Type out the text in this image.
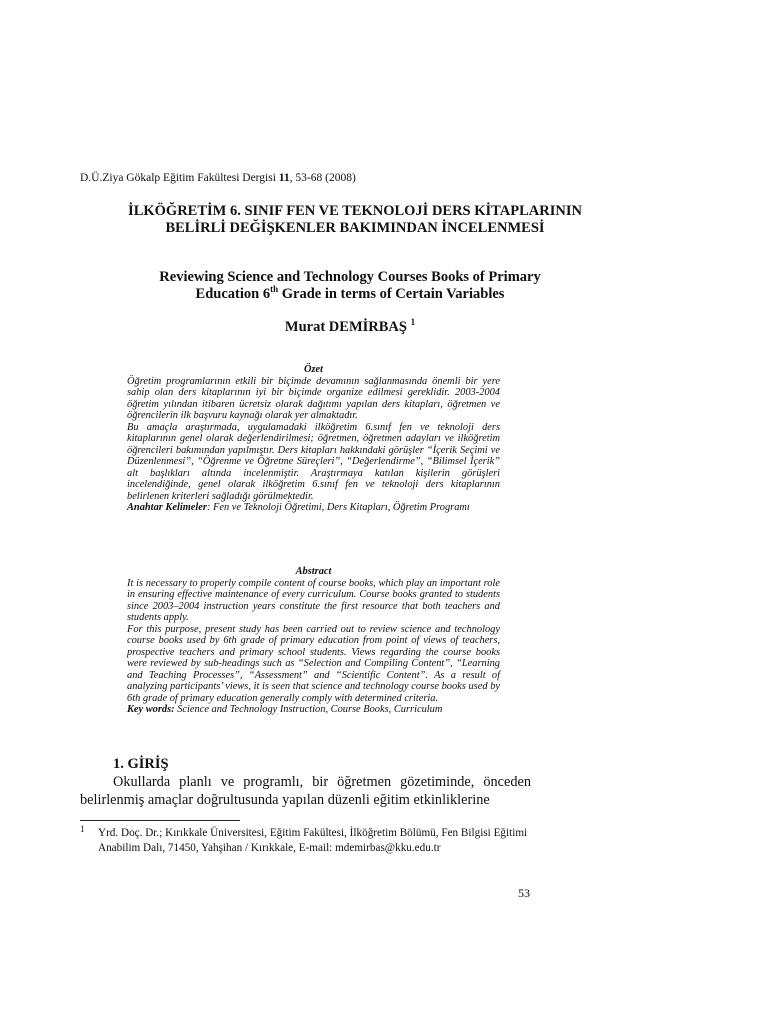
D.Ü.Ziya Gökalp Eğitim Fakültesi Dergisi 11, 53-68 (2008)
İLKÖĞRETİM 6. SINIF FEN VE TEKNOLOJİ DERS KİTAPLARININ BELİRLİ DEĞİŞKENLER BAKIMINDAN İNCELENMESİ
Reviewing Science and Technology Courses Books of Primary
Education 6th Grade in terms of Certain Variables
Murat DEMİRBAŞ $^1$

Özet

Öğretim programlarının etkili bir biçimde devamının sağlanmasında önemli bir yere sahip olan ders kitaplarının iyi bir biçimde organize edilmesi gereklidir. 2003-2004 öğretim yılından itibaren ücretsiz olarak dağıtımı yapılan ders kitapları, öğretmen ve öğrencilerin ilk başvuru kaynağı olarak yer almaktadır.

Bu amaçla araştırmada, uygulamadaki ilköğretim 6.sınıf fen ve teknoloji ders kitaplarının genel olarak değerlendirilmesi; öğretmen, öğretmen adayları ve ilköğretim öğrencileri bakımından yapılmıştır. Ders kitapları hakkındaki görüşler “İçerik Seçimi ve Düzenlenmesi”, “Öğrenme ve Öğretme Süreçleri”, “Değerlendirme”, “Bilimsel İçerik” alt başlıkları altında incelenmiştir. Araştırmaya katılan kişilerin görüşleri incelendiğinde, genel olarak ilköğretim 6.sınıf fen ve teknoloji ders kitaplarının belirlenen kriterleri sağladığı görülmektedir.

Anahtar Kelimeler: Fen ve Teknoloji Öğretimi, Ders Kitapları, Öğretim Programı

Abstract

It is necessary to properly compile content of course books, which play an important role in ensuring effective maintenance of every curriculum. Course books granted to students since 2003–2004 instruction years constitute the first resource that both teachers and students apply.

For this purpose, present study has been carried out to review science and technology course books used by 6th grade of primary education from point of views of teachers, prospective teachers and primary school students. Views regarding the course books were reviewed by sub-headings such as “Selection and Compiling Content”, “Learning and Teaching Processes”, “Assessment” and “Scientific Content”. As a result of analyzing participants’ views, it is seen that science and technology course books used by 6th grade of primary education generally comply with determined criteria.

Key words: Science and Technology Instruction, Course Books, Curriculum

1. GİRİŞ
Okullarda planlı ve programlı, bir öğretmen gözetiminde, önceden belirlenmiş amaçlar doğrultusunda yapılan düzenli eğitim etkinliklerine
1 Yrd. Doç. Dr.; Kırıkkale Üniversitesi, Eğitim Fakültesi, İlköğretim Bölümü, Fen Bilgisi Eğitimi Anabilim Dalı, 71450, Yahşihan / Kırıkkale, E-mail: mdemirbas@kku.edu.tr
53
